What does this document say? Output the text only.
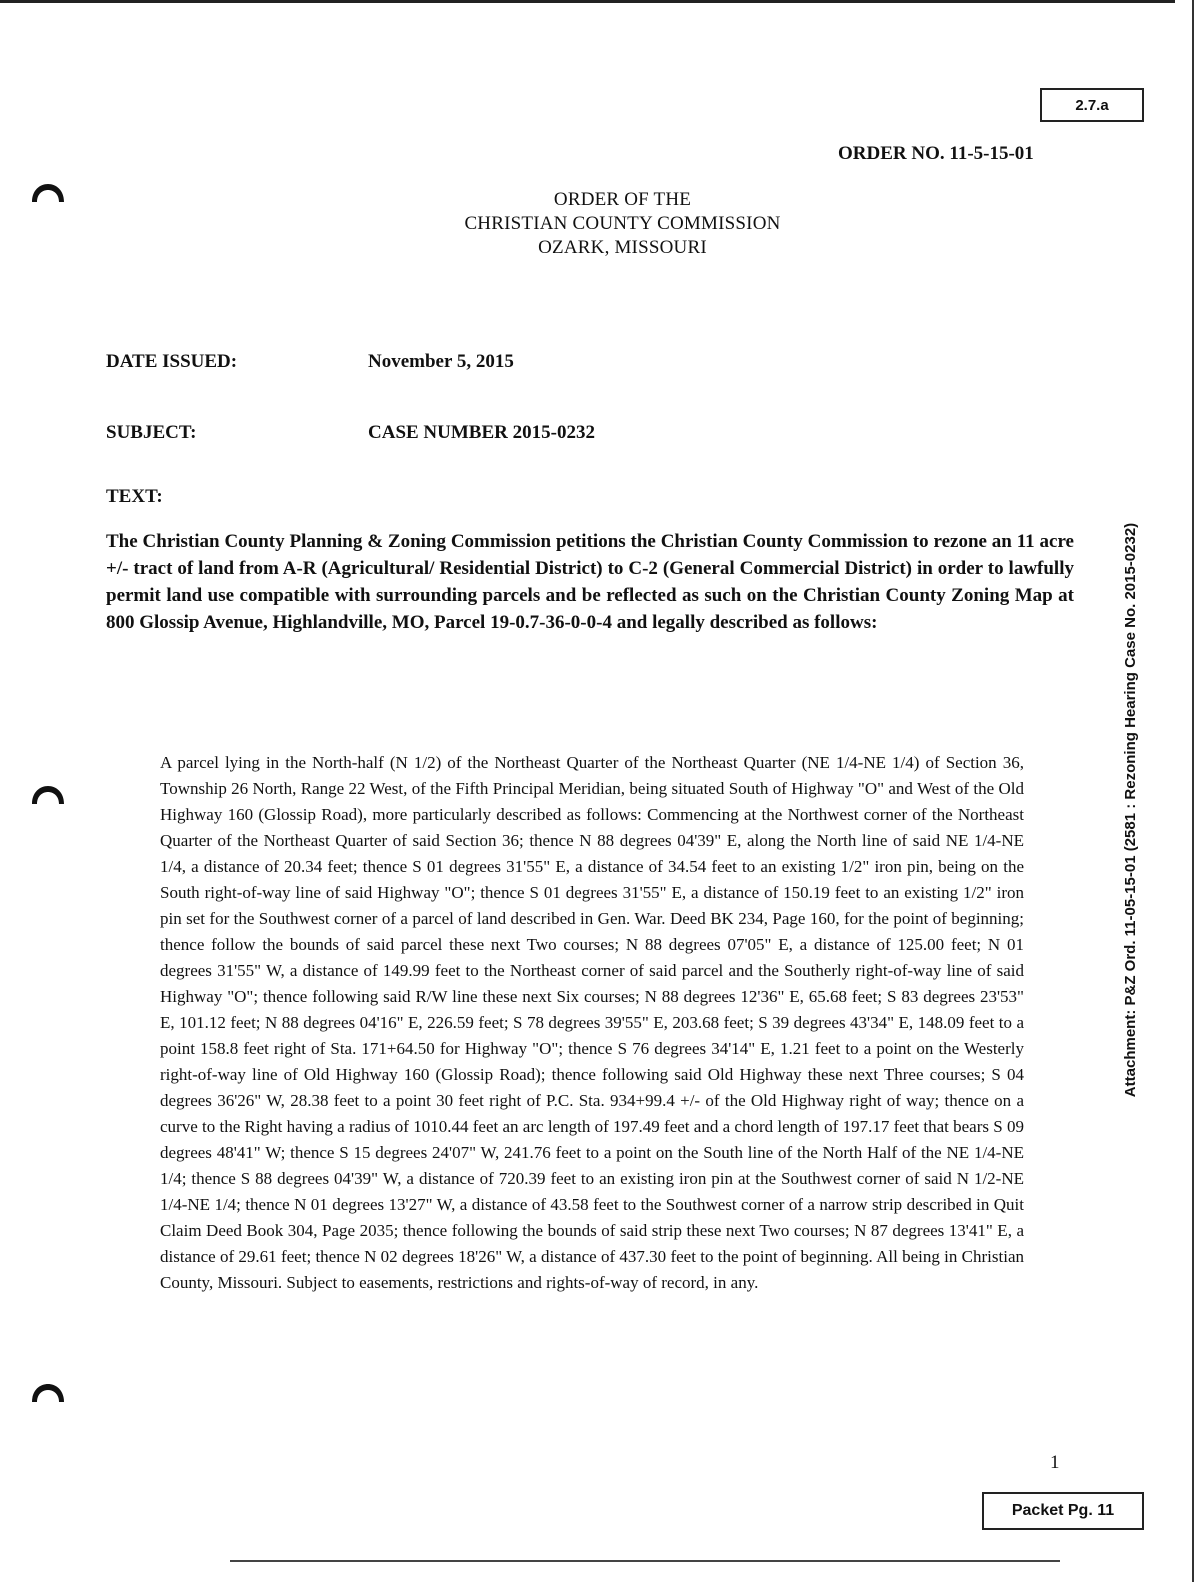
2.7.a
ORDER NO. 11-5-15-01
ORDER OF THE
CHRISTIAN COUNTY COMMISSION
OZARK, MISSOURI
DATE ISSUED:	November 5, 2015
SUBJECT:	CASE NUMBER 2015-0232
TEXT:
The Christian County Planning & Zoning Commission petitions the Christian County Commission to rezone an 11 acre +/- tract of land from A-R (Agricultural/ Residential District) to C-2 (General Commercial District) in order to lawfully permit land use compatible with surrounding parcels and be reflected as such on the Christian County Zoning Map at 800 Glossip Avenue, Highlandville, MO, Parcel 19-0.7-36-0-0-4 and legally described as follows:
A parcel lying in the North-half (N 1/2) of the Northeast Quarter of the Northeast Quarter (NE 1/4-NE 1/4) of Section 36, Township 26 North, Range 22 West, of the Fifth Principal Meridian, being situated South of Highway "O" and West of the Old Highway 160 (Glossip Road), more particularly described as follows: Commencing at the Northwest corner of the Northeast Quarter of the Northeast Quarter of said Section 36; thence N 88 degrees 04'39" E, along the North line of said NE 1/4-NE 1/4, a distance of 20.34 feet; thence S 01 degrees 31'55" E, a distance of 34.54 feet to an existing 1/2" iron pin, being on the South right-of-way line of said Highway "O"; thence S 01 degrees 31'55" E, a distance of 150.19 feet to an existing 1/2" iron pin set for the Southwest corner of a parcel of land described in Gen. War. Deed BK 234, Page 160, for the point of beginning; thence follow the bounds of said parcel these next Two courses; N 88 degrees 07'05" E, a distance of 125.00 feet; N 01 degrees 31'55" W, a distance of 149.99 feet to the Northeast corner of said parcel and the Southerly right-of-way line of said Highway "O"; thence following said R/W line these next Six courses; N 88 degrees 12'36" E, 65.68 feet; S 83 degrees 23'53" E, 101.12 feet; N 88 degrees 04'16" E, 226.59 feet; S 78 degrees 39'55" E, 203.68 feet; S 39 degrees 43'34" E, 148.09 feet to a point 158.8 feet right of Sta. 171+64.50 for Highway "O"; thence S 76 degrees 34'14" E, 1.21 feet to a point on the Westerly right-of-way line of Old Highway 160 (Glossip Road); thence following said Old Highway these next Three courses; S 04 degrees 36'26" W, 28.38 feet to a point 30 feet right of P.C. Sta. 934+99.4 +/- of the Old Highway right of way; thence on a curve to the Right having a radius of 1010.44 feet an arc length of 197.49 feet and a chord length of 197.17 feet that bears S 09 degrees 48'41" W; thence S 15 degrees 24'07" W, 241.76 feet to a point on the South line of the North Half of the NE 1/4-NE 1/4; thence S 88 degrees 04'39" W, a distance of 720.39 feet to an existing iron pin at the Southwest corner of said N 1/2-NE 1/4-NE 1/4; thence N 01 degrees 13'27" W, a distance of 43.58 feet to the Southwest corner of a narrow strip described in Quit Claim Deed Book 304, Page 2035; thence following the bounds of said strip these next Two courses; N 87 degrees 13'41" E, a distance of 29.61 feet; thence N 02 degrees 18'26" W, a distance of 437.30 feet to the point of beginning. All being in Christian County, Missouri. Subject to easements, restrictions and rights-of-way of record, in any.
1
Packet Pg. 11
Attachment: P&Z Ord. 11-05-15-01 (2581 : Rezoning Hearing Case No. 2015-0232)
